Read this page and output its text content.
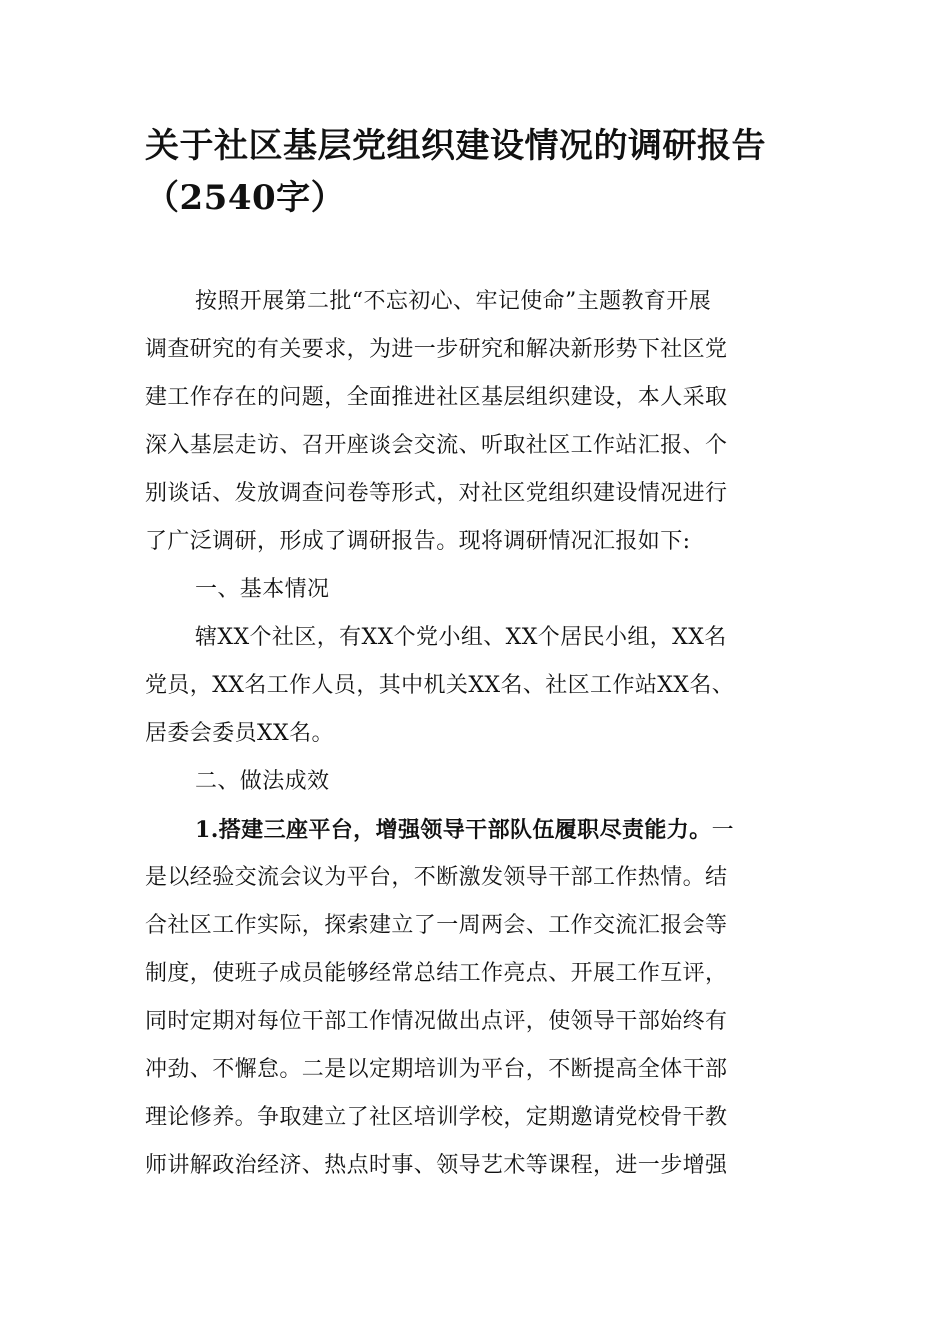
关于社区基层党组织建设情况的调研报告
（2540字）
按照开展第二批“不忘初心、牢记使命”主题教育开展
调查研究的有关要求，为进一步研究和解决新形势下社区党
建工作存在的问题，全面推进社区基层组织建设，本人采取
深入基层走访、召开座谈会交流、听取社区工作站汇报、个
别谈话、发放调查问卷等形式，对社区党组织建设情况进行
了广泛调研，形成了调研报告。现将调研情况汇报如下:
一、基本情况
辖XX个社区，有XX个党小组、XX个居民小组，XX名
党员，XX名工作人员，其中机关XX名、社区工作站XX名、
居委会委员XX名。
二、做法成效
1.搭建三座平台，增强领导干部队伍履职尽责能力。一
是以经验交流会议为平台，不断激发领导干部工作热情。结
合社区工作实际，探索建立了一周两会、工作交流汇报会等
制度，使班子成员能够经常总结工作亮点、开展工作互评，
同时定期对每位干部工作情况做出点评，使领导干部始终有
冲劲、不懈怠。二是以定期培训为平台，不断提高全体干部
理论修养。争取建立了社区培训学校，定期邀请党校骨干教
师讲解政治经济、热点时事、领导艺术等课程，进一步增强
